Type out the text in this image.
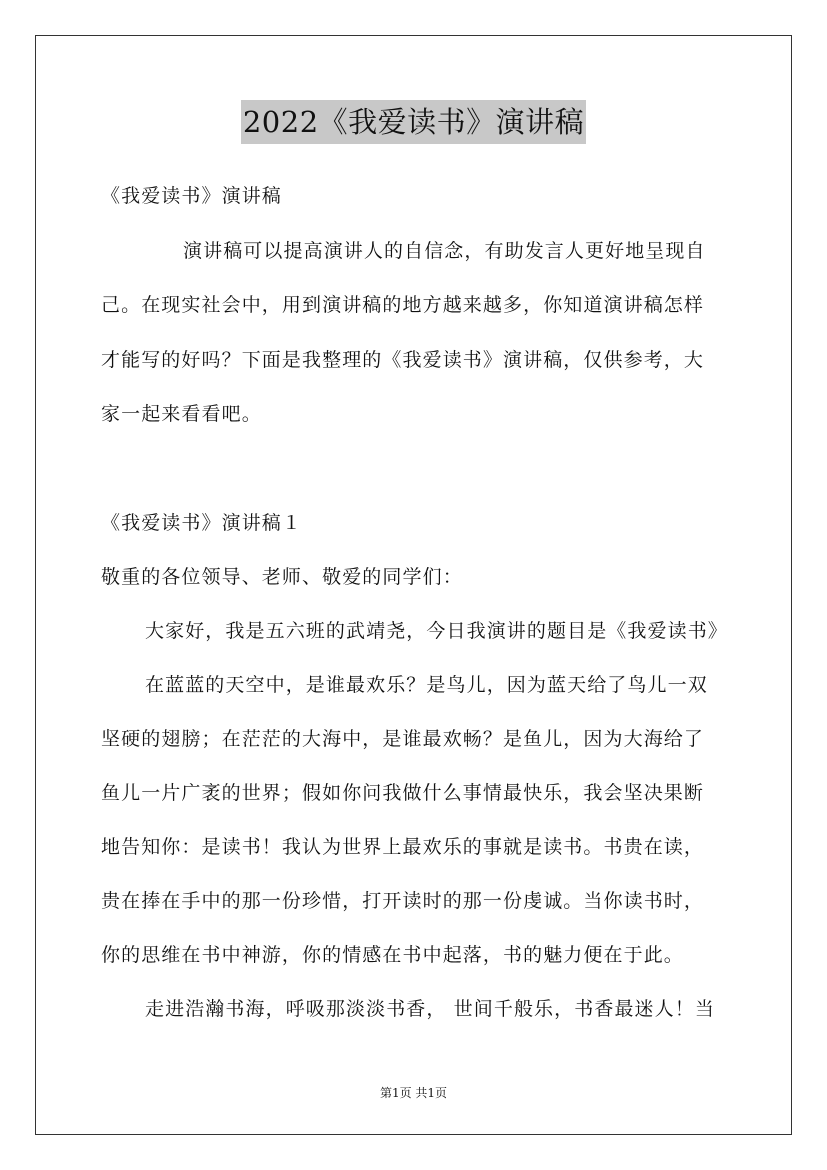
2022《我爱读书》演讲稿
《我爱读书》演讲稿
演讲稿可以提高演讲人的自信念，有助发言人更好地呈现自
己。在现实社会中，用到演讲稿的地方越来越多，你知道演讲稿怎样
才能写的好吗？下面是我整理的《我爱读书》演讲稿，仅供参考，大
家一起来看看吧。
《我爱读书》演讲稿１
敬重的各位领导、老师、敬爱的同学们：
大家好，我是五六班的武靖尧，今日我演讲的题目是《我爱读书》
在蓝蓝的天空中，是谁最欢乐？是鸟儿，因为蓝天给了鸟儿一双
坚硬的翅膀；在茫茫的大海中，是谁最欢畅？是鱼儿，因为大海给了
鱼儿一片广袤的世界；假如你问我做什么事情最快乐，我会坚决果断
地告知你：是读书！我认为世界上最欢乐的事就是读书。书贵在读，
贵在捧在手中的那一份珍惜，打开读时的那一份虔诚。当你读书时，
你的思维在书中神游，你的情感在书中起落，书的魅力便在于此。
走进浩瀚书海，呼吸那淡淡书香， 世间千般乐，书香最迷人！当
第1页 共1页
